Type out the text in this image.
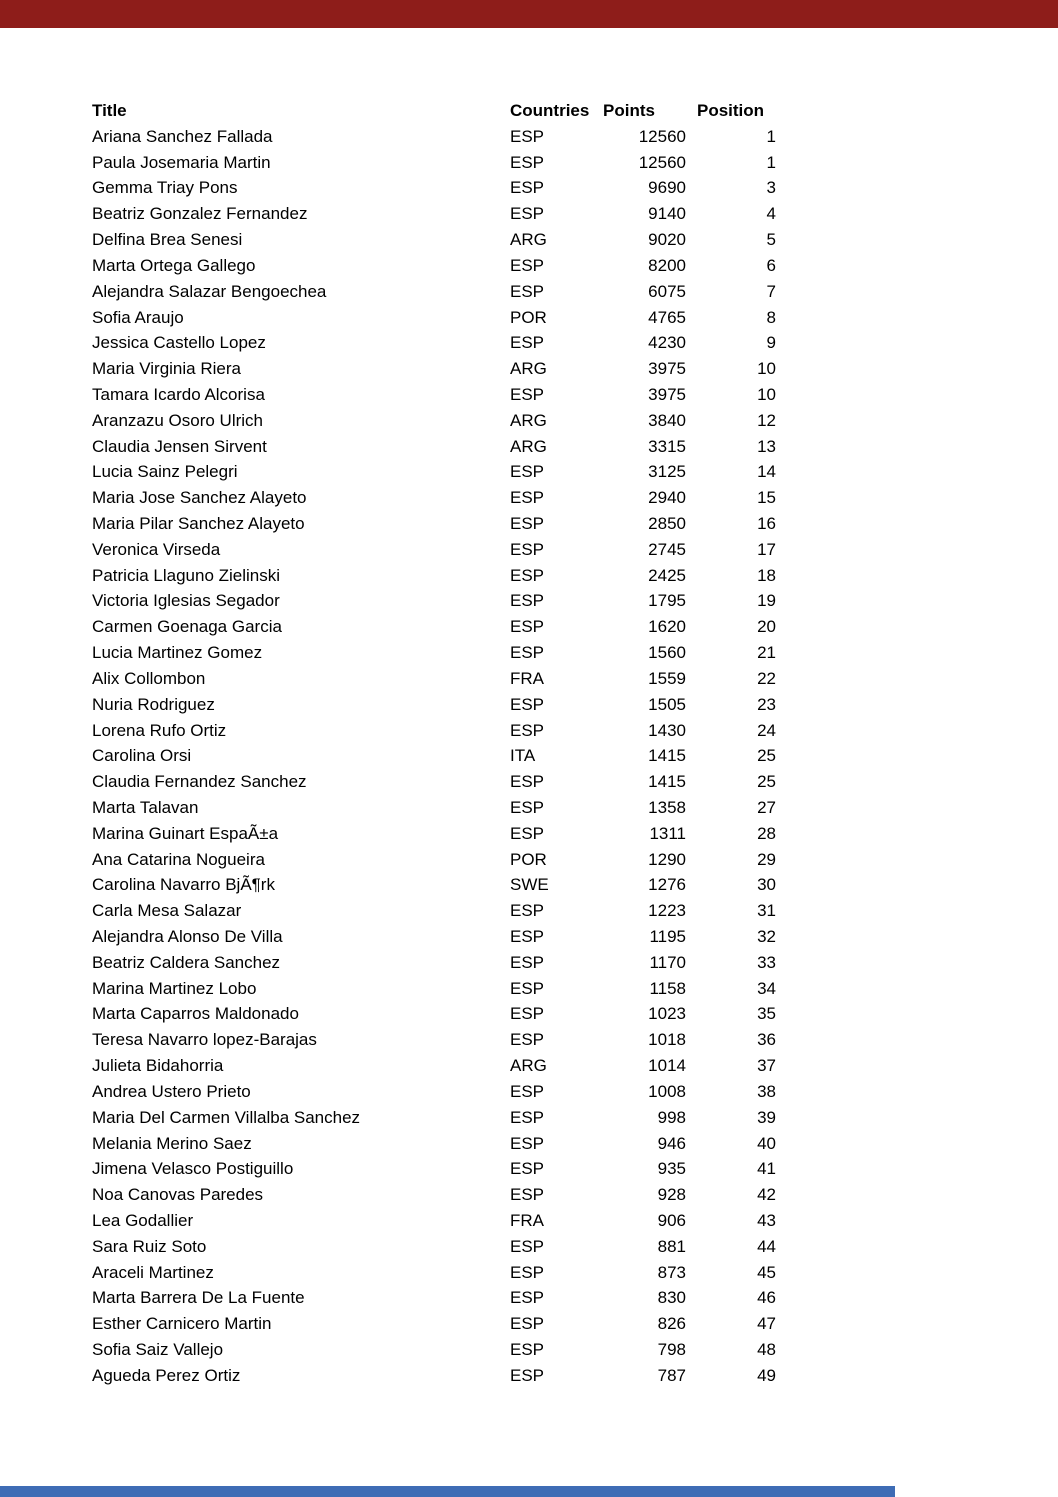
Title	Countries Points	Position
Ariana Sanchez Fallada	ESP	12560	1
Paula Josemaria Martin	ESP	12560	1
Gemma Triay Pons	ESP	9690	3
Beatriz Gonzalez Fernandez	ESP	9140	4
Delfina Brea Senesi	ARG	9020	5
Marta Ortega Gallego	ESP	8200	6
Alejandra Salazar Bengoechea	ESP	6075	7
Sofia Araujo	POR	4765	8
Jessica Castello Lopez	ESP	4230	9
Maria Virginia Riera	ARG	3975	10
Tamara Icardo Alcorisa	ESP	3975	10
Aranzazu Osoro Ulrich	ARG	3840	12
Claudia Jensen Sirvent	ARG	3315	13
Lucia Sainz Pelegri	ESP	3125	14
Maria Jose Sanchez Alayeto	ESP	2940	15
Maria Pilar Sanchez Alayeto	ESP	2850	16
Veronica Virseda	ESP	2745	17
Patricia Llaguno Zielinski	ESP	2425	18
Victoria Iglesias Segador	ESP	1795	19
Carmen Goenaga Garcia	ESP	1620	20
Lucia Martinez Gomez	ESP	1560	21
Alix Collombon	FRA	1559	22
Nuria Rodriguez	ESP	1505	23
Lorena Rufo Ortiz	ESP	1430	24
Carolina Orsi	ITA	1415	25
Claudia Fernandez Sanchez	ESP	1415	25
Marta Talavan	ESP	1358	27
Marina Guinart EspaÃ±a	ESP	1311	28
Ana Catarina Nogueira	POR	1290	29
Carolina Navarro BjÃ¶rk	SWE	1276	30
Carla Mesa Salazar	ESP	1223	31
Alejandra Alonso De Villa	ESP	1195	32
Beatriz Caldera Sanchez	ESP	1170	33
Marina Martinez Lobo	ESP	1158	34
Marta Caparros Maldonado	ESP	1023	35
Teresa Navarro lopez-Barajas	ESP	1018	36
Julieta Bidahorria	ARG	1014	37
Andrea Ustero Prieto	ESP	1008	38
Maria Del Carmen Villalba Sanchez	ESP	998	39
Melania Merino Saez	ESP	946	40
Jimena Velasco Postiguillo	ESP	935	41
Noa Canovas Paredes	ESP	928	42
Lea Godallier	FRA	906	43
Sara Ruiz Soto	ESP	881	44
Araceli Martinez	ESP	873	45
Marta Barrera De La Fuente	ESP	830	46
Esther Carnicero Martin	ESP	826	47
Sofia Saiz Vallejo	ESP	798	48
Agueda Perez Ortiz	ESP	787	49
